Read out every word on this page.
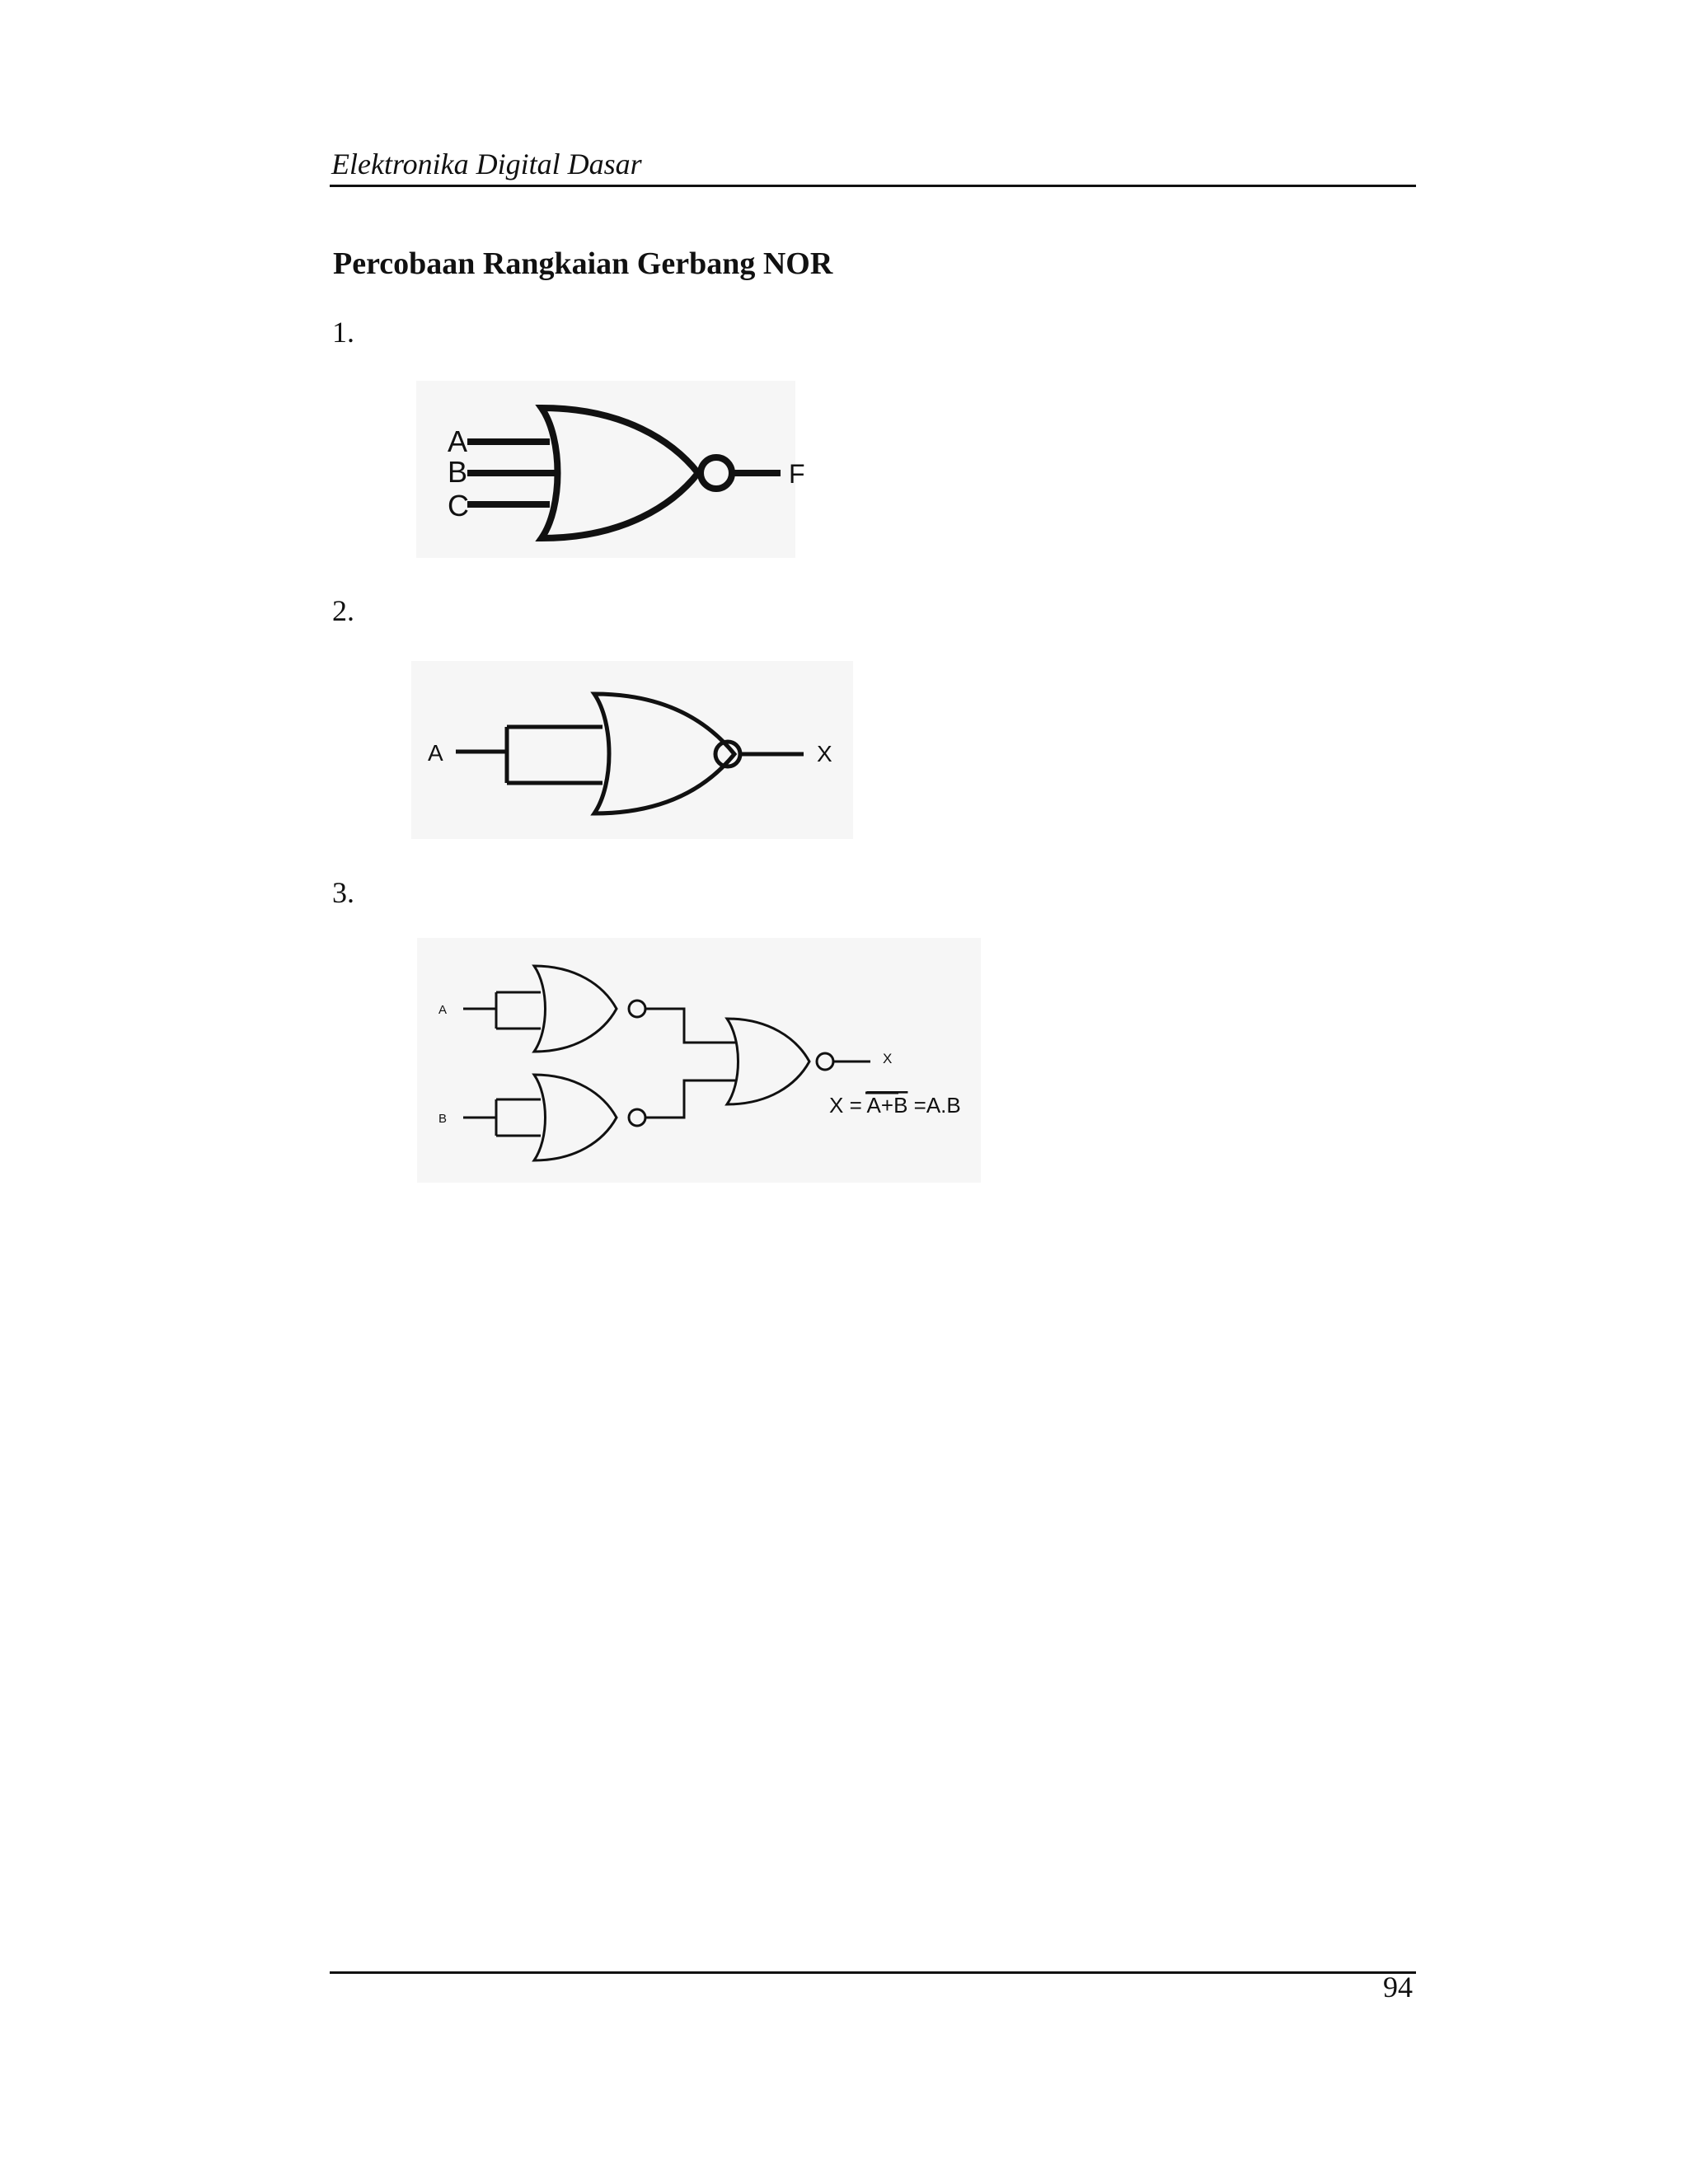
Elektronika Digital Dasar
Percobaan Rangkaian Gerbang NOR
1.
A
B
C
F
2.
A	X
3.
A
B
X
X = A+B =A.B
94
